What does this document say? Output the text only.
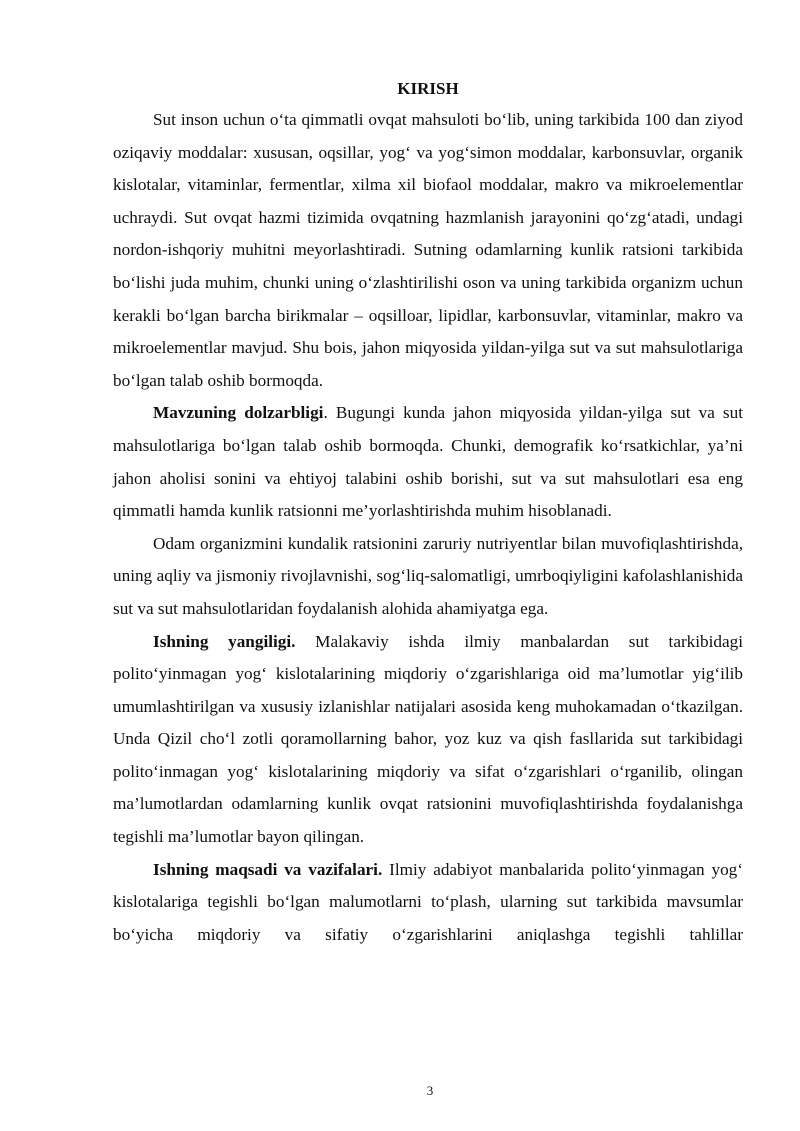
KIRISH

Sut inson uchun o‘ta qimmatli ovqat mahsuloti bo‘lib, uning tarkibida 100 dan ziyod oziqaviy moddalar: xususan, oqsillar, yog‘ va yog‘simon moddalar, karbonsuvlar, organik kislotalar, vitaminlar, fermentlar, xilma xil biofaol moddalar, makro va mikroelementlar uchraydi. Sut ovqat hazmi tizimida ovqatning hazmlanish jarayonini qo‘zg‘atadi, undagi nordon-ishqoriy muhitni meyorlashtiradi. Sutning odamlarning kunlik ratsioni tarkibida bo‘lishi juda muhim, chunki uning o‘zlashtirilishi oson va uning tarkibida organizm uchun kerakli bo‘lgan barcha birikmalar – oqsilloar, lipidlar, karbonsuvlar, vitaminlar, makro va mikroelementlar mavjud. Shu bois, jahon miqyosida yildan-yilga sut va sut mahsulotlariga bo‘lgan talab oshib bormoqda.

Mavzuning dolzarbligi. Bugungi kunda jahon miqyosida yildan-yilga sut va sut mahsulotlariga bo‘lgan talab oshib bormoqda. Chunki, demografik ko‘rsatkichlar, ya’ni jahon aholisi sonini va ehtiyoj talabini oshib borishi, sut va sut mahsulotlari esa eng qimmatli hamda kunlik ratsionni me’yorlashtirishda muhim hisoblanadi.

Odam organizmini kundalik ratsionini zaruriy nutriyentlar bilan muvofiqlashtirishda, uning aqliy va jismoniy rivojlavnishi, sog‘liq-salomatligi, umrboqiyligini kafolashlanishida sut va sut mahsulotlaridan foydalanish alohida ahamiyatga ega.

Ishning yangiligi. Malakaviy ishda ilmiy manbalardan sut tarkibidagi polito‘yinmagan yog‘ kislotalarining miqdoriy o‘zgarishlariga oid ma’lumotlar yig‘ilib umumlashtirilgan va xususiy izlanishlar natijalari asosida keng muhokamadan o‘tkazilgan. Unda Qizil cho‘l zotli qoramollarning bahor, yoz kuz va qish fasllarida sut tarkibidagi polito‘inmagan yog‘ kislotalarining miqdoriy va sifat o‘zgarishlari o‘rganilib, olingan ma’lumotlardan odamlarning kunlik ovqat ratsionini muvofiqlashtirishda foydalanishga tegishli ma’lumotlar bayon qilingan.

Ishning maqsadi va vazifalari. Ilmiy adabiyot manbalarida polito‘yinmagan yog‘ kislotalariga tegishli bo‘lgan malumotlarni to‘plash, ularning sut tarkibida mavsumlar bo‘yicha miqdoriy va sifatiy o‘zgarishlarini aniqlashga tegishli tahlillar

3
